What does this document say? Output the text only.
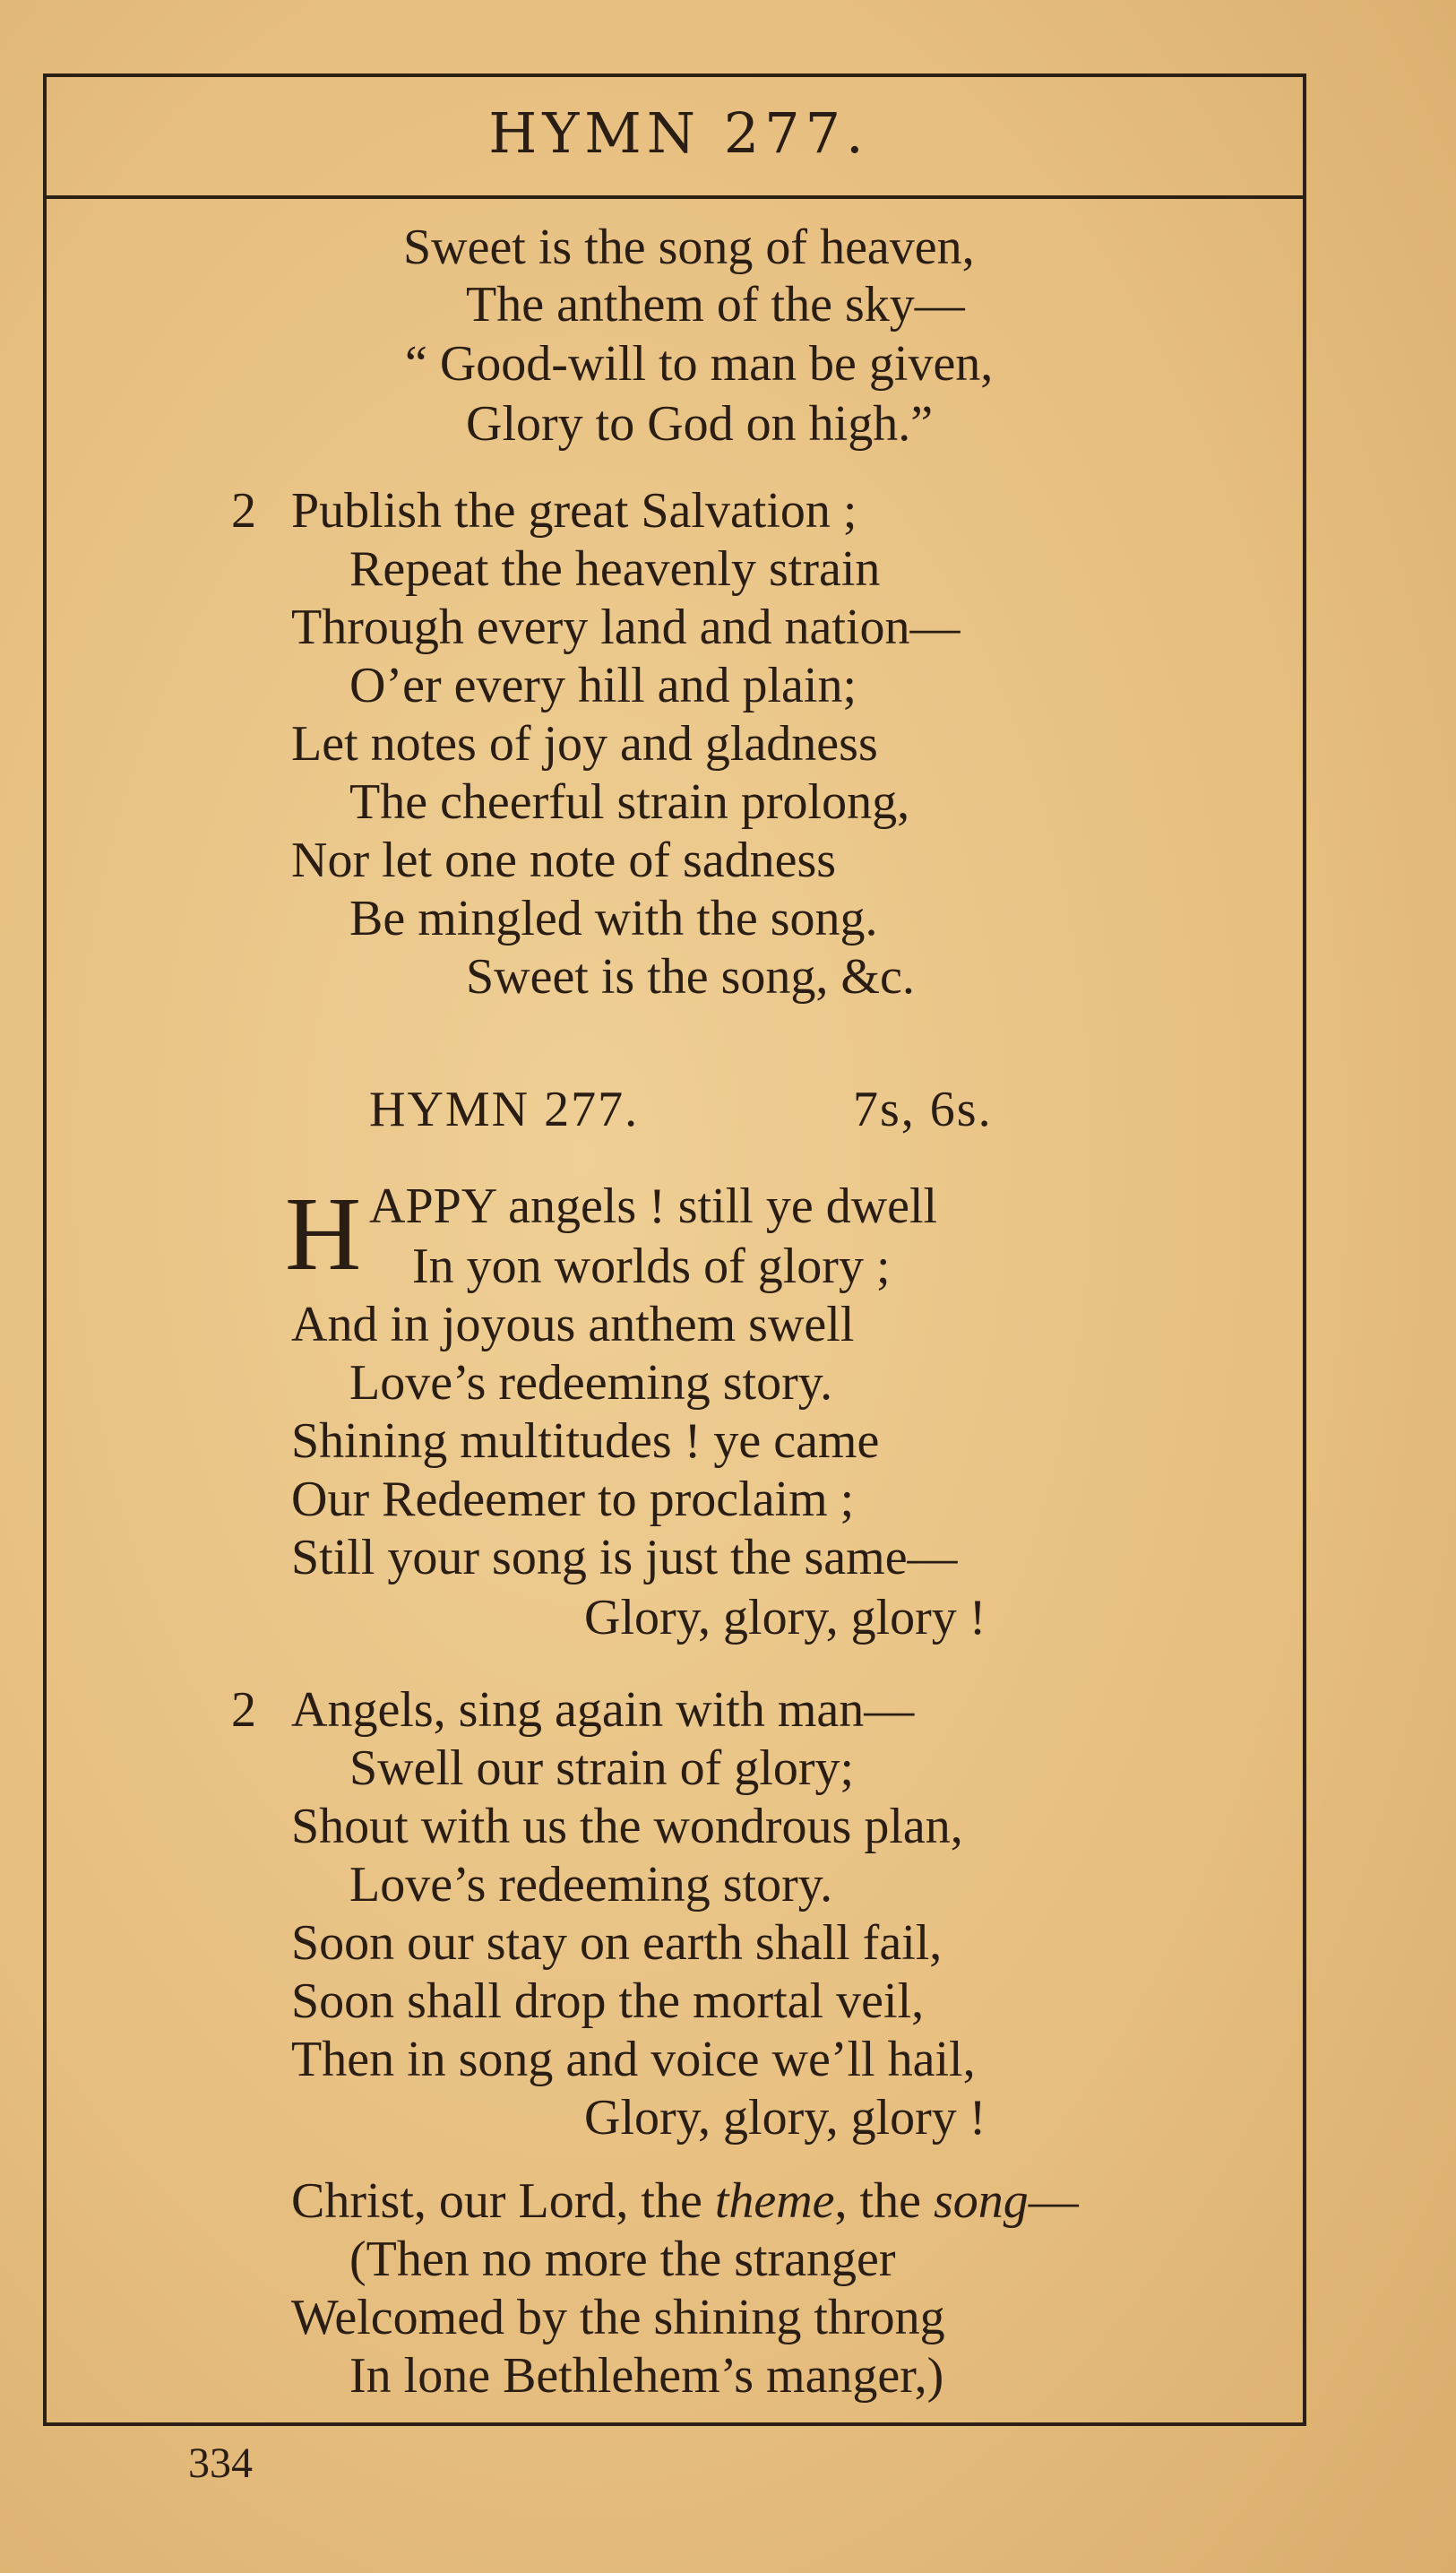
HYMN 277.
Sweet is the song of heaven,
The anthem of the sky—
“ Good-will to man be given,
Glory to God on high.”
2 Publish the great Salvation ;
Repeat the heavenly strain
Through every land and nation—
O’er every hill and plain;
Let notes of joy and gladness
The cheerful strain prolong,
Nor let one note of sadness
Be mingled with the song.
Sweet is the song, &c.
HYMN 277.	7s, 6s.
H APPY angels ! still ye dwell
In yon worlds of glory ;
And in joyous anthem swell
Love’s redeeming story.
Shining multitudes ! ye came
Our Redeemer to proclaim ;
Still your song is just the same—
Glory, glory, glory !
2 Angels, sing again with man—
Swell our strain of glory;
Shout with us the wondrous plan,
Love’s redeeming story.
Soon our stay on earth shall fail,
Soon shall drop the mortal veil,
Then in song and voice we’ll hail,
Glory, glory, glory !
Christ, our Lord, the theme, the song—
(Then no more the stranger
Welcomed by the shining throng
In lone Bethlehem’s manger,)
334
